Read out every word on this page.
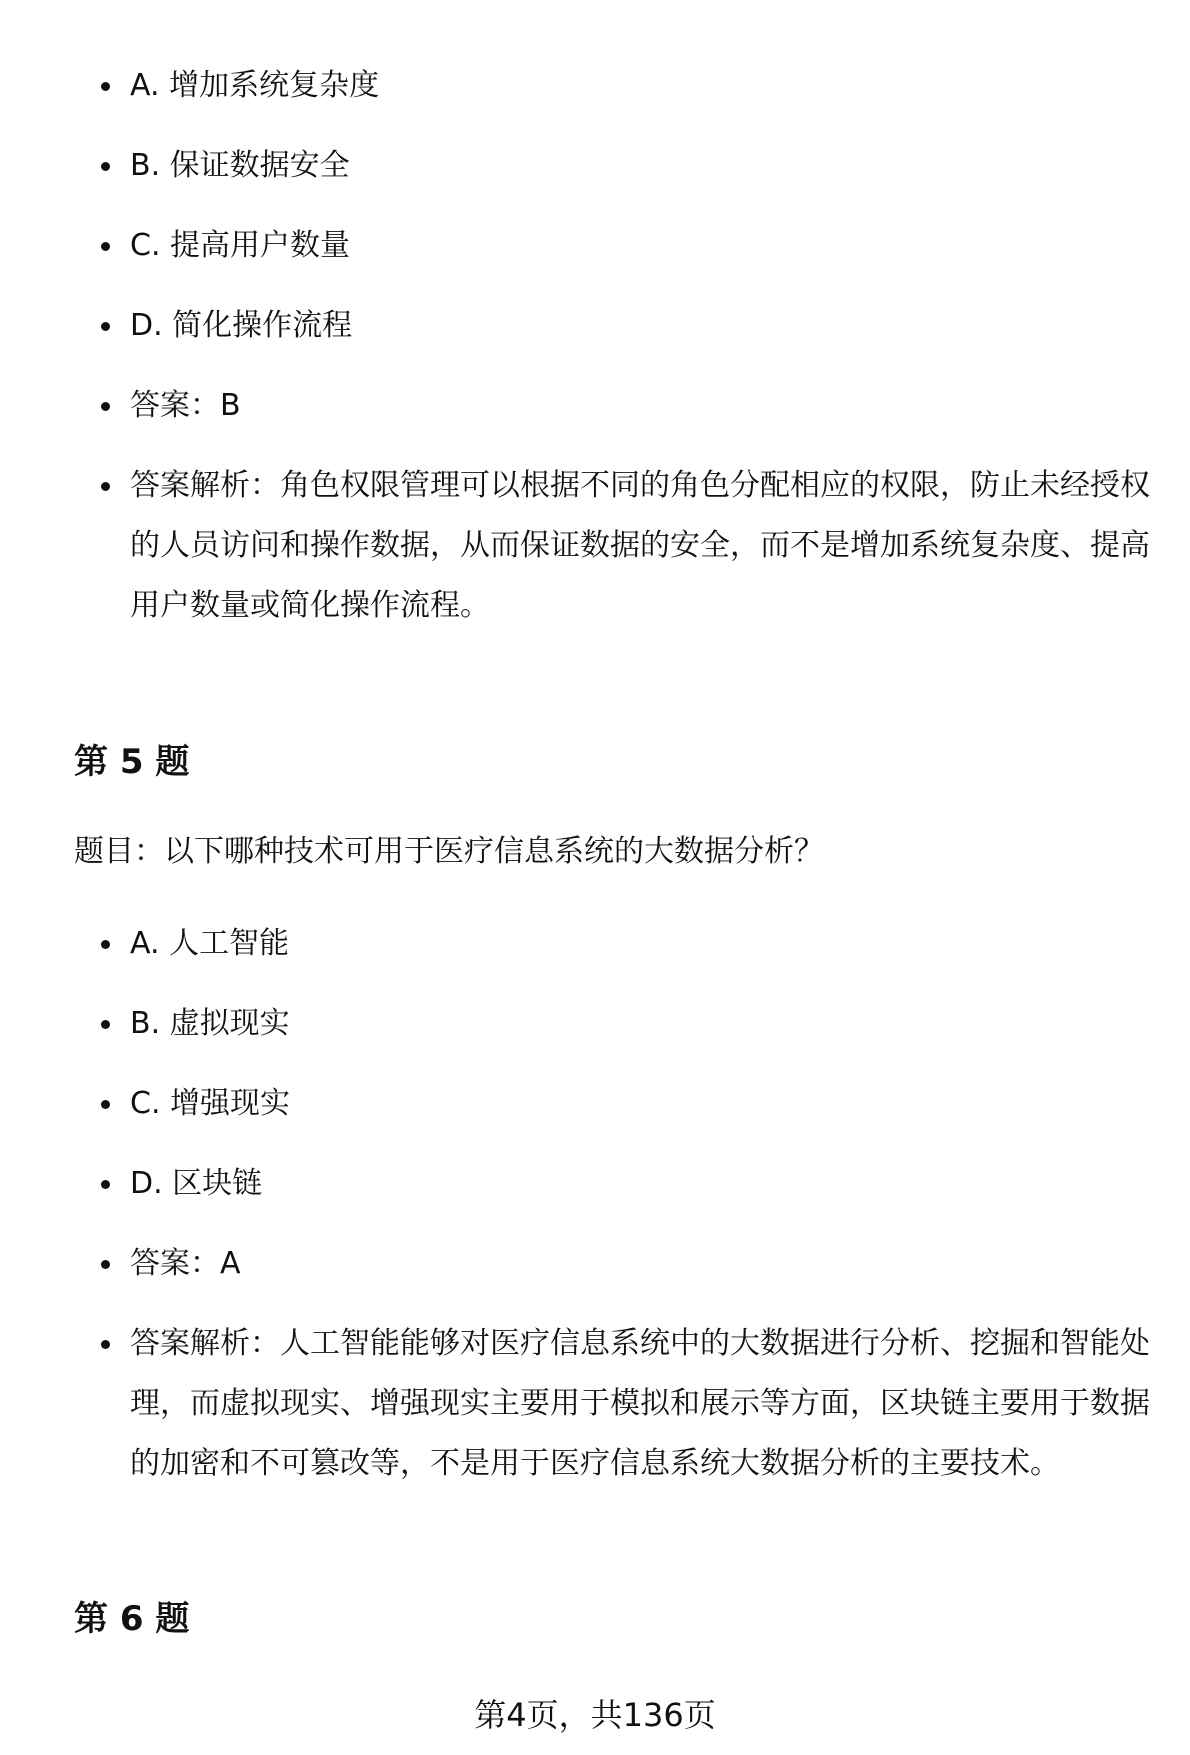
A. 增加系统复杂度
B. 保证数据安全
C. 提高用户数量
D. 简化操作流程
答案：B
答案解析：角色权限管理可以根据不同的角色分配相应的权限，防止未经授权的人员访问和操作数据，从而保证数据的安全，而不是增加系统复杂度、提高用户数量或简化操作流程。
第 5 题

题目：以下哪种技术可用于医疗信息系统的大数据分析？

A. 人工智能
B. 虚拟现实
C. 增强现实
D. 区块链
答案：A
答案解析：人工智能能够对医疗信息系统中的大数据进行分析、挖掘和智能处理，而虚拟现实、增强现实主要用于模拟和展示等方面，区块链主要用于数据的加密和不可篡改等，不是用于医疗信息系统大数据分析的主要技术。
第 6 题
第4页，共136页
